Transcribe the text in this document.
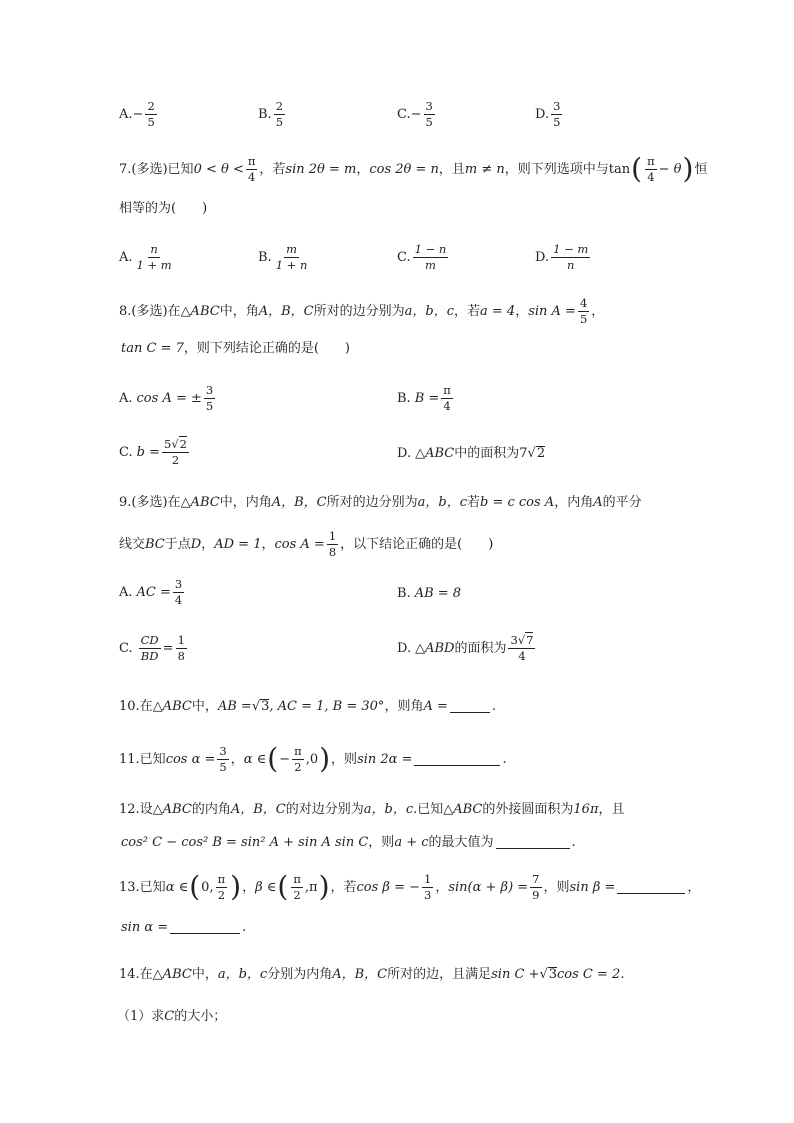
A. − $\frac{2}{5}$	B. $\frac{2}{5}$	C. − $\frac{3}{5}$	D. $\frac{3}{5}$
7.(多选)已知 $0 < \theta < \frac{\pi}{4}$ ，若 sin 2θ = m ， cos 2θ = n ，且 m ≠ n ，则下列选项中与 tan ( $\frac{\pi}{4} - \theta$ ) 恒
相等的为(　　)
A. $\frac{n}{1 + m}$	B. $\frac{m}{1 + n}$	C. $\frac{1 - n}{m}$	D. $\frac{1 - m}{n}$
8.(多选)在 △ABC 中，角 A，B，C 所对的边分别为 a，b，c ，若 a = 4 ， $\sin A = \frac{4}{5}$ ，
tan C = 7 ，则下列结论正确的是(　　)
A. cos A = ± $\frac{3}{5}$	B. $B = \frac{\pi}{4}$
C. $b = \frac{5√2}{2}$	D. △ABC 中的面积为 7 √ 2
9.(多选)在 △ABC 中，内角 A，B，C 所对的边分别为 a，b，c 若 b = c cos A ，内角 A 的平分
线交 BC 于点 D ， AD = 1 ， $\cos A = \frac{1}{8}$ ，以下结论正确的是(　　)
A. AC = $\frac{3}{4}$	B. AB = 8
C. $\frac{CD}{BD} = \frac{1}{8}$	D. △ABD 的面积为 $\frac{3√7}{4}$
10.在 △ABC 中， AB = √ 3 , AC = 1, B = 30° ，则角 A =	.
11.已知 $\cos \alpha = \frac{3}{5}$ ， α ∈ ( − $\frac{\pi}{2} ,0$ ) ，则 sin 2α =	.
12.设 △ABC 的内角 A，B，C 的对边分别为 a，b，c .已知 △ABC 的外接圆面积为 16π ，且
cos² C − cos² B = sin² A + sin A sin C ，则 a + c 的最大值为	.
13.已知 α ∈ ( 0, $\frac{\pi}{2}$ ) ， β ∈ ( $\frac{\pi}{2} ,\pi$ ) ，若 cos β = − $\frac{1}{3}$ ， $\sin(\alpha + \beta) = \frac{7}{9}$ ，则 sin β =	，
sin α =	.
14.在 △ABC 中， a，b，c 分别为内角 A，B，C 所对的边，且满足 sin C + √ 3 cos C = 2 .
（1）求 C 的大小；
